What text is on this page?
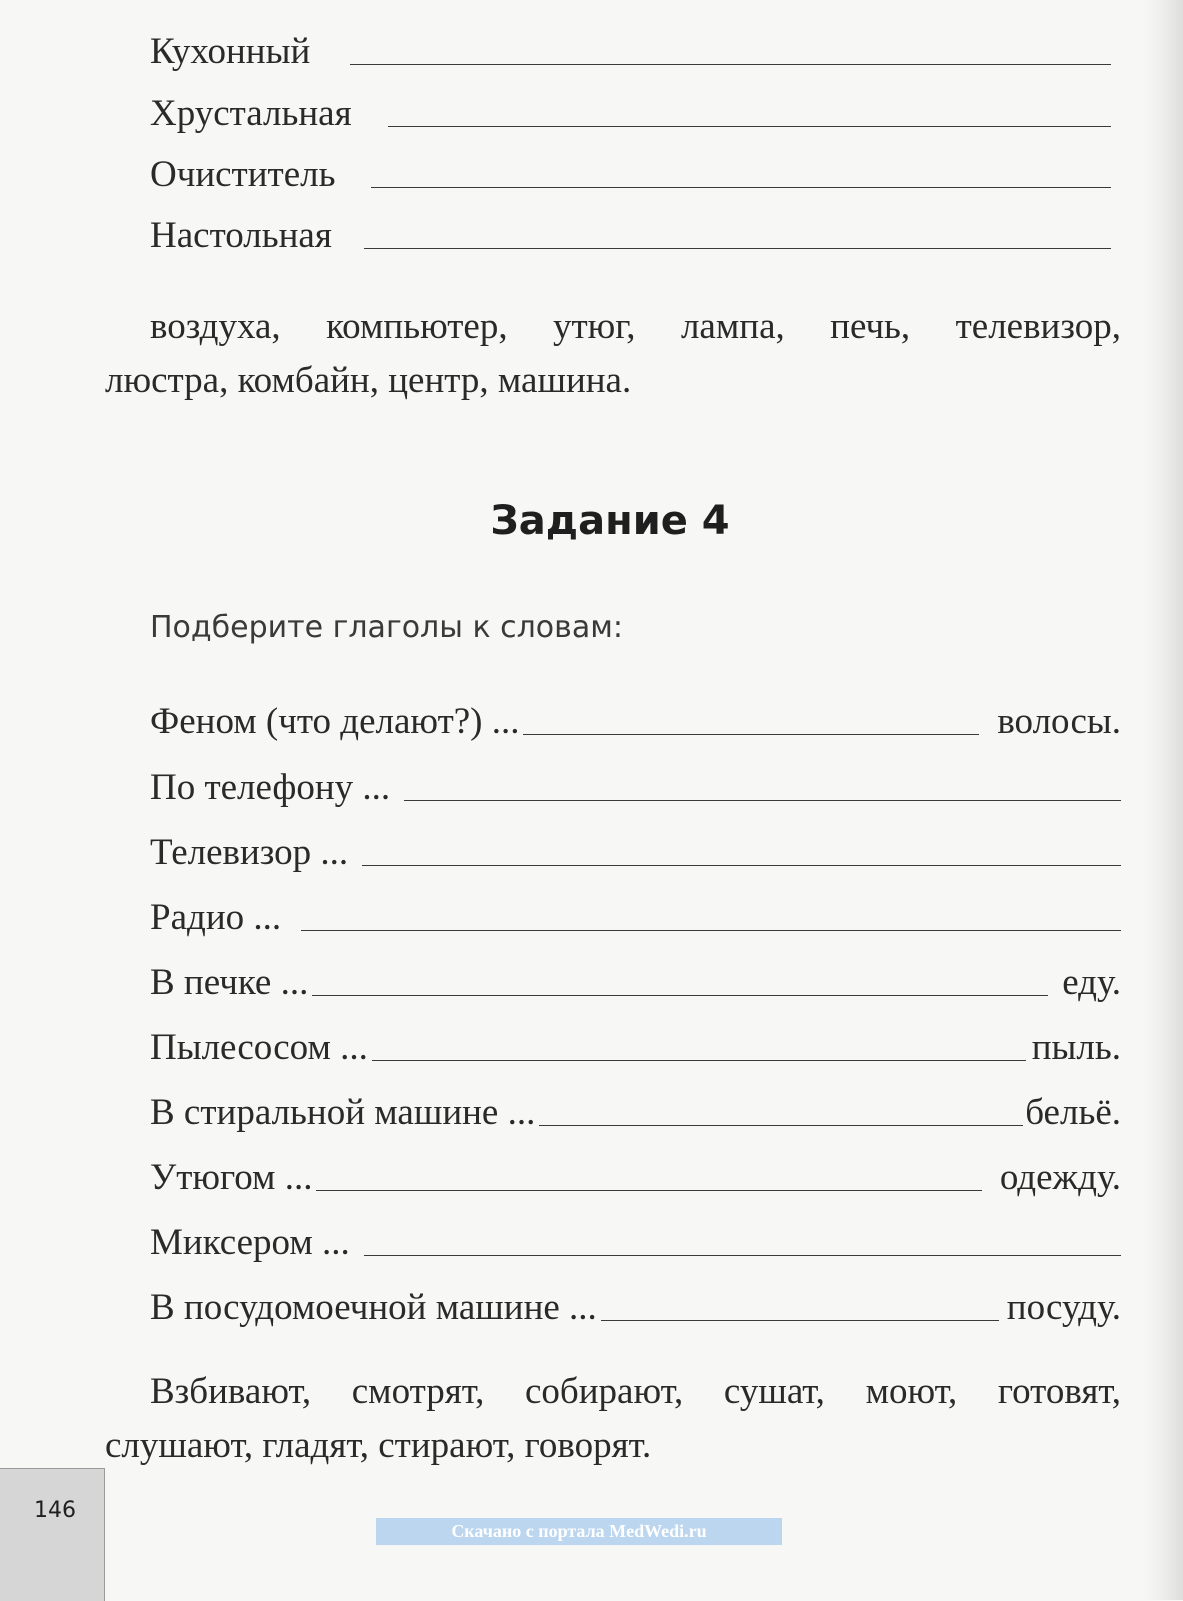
Кухонный
Хрустальная
Очиститель
Настольная
воздуха, компьютер, утюг, лампа, печь, телевизор,
люстра, комбайн, центр, машина.
Задание 4
Подберите глаголы к словам:
Феном (что делают?) ...	волосы.
По телефону ...
Телевизор ...
Радио ...
В печке ...	еду.
Пылесосом ...	пыль.
В стиральной машине ...	бельё.
Утюгом ...	одежду.
Миксером ...
В посудомоечной машине ...	посуду.
Взбивают, смотрят, собирают, сушат, моют, готовят,
слушают, гладят, стирают, говорят.
146
Скачано с портала MedWedi.ru
